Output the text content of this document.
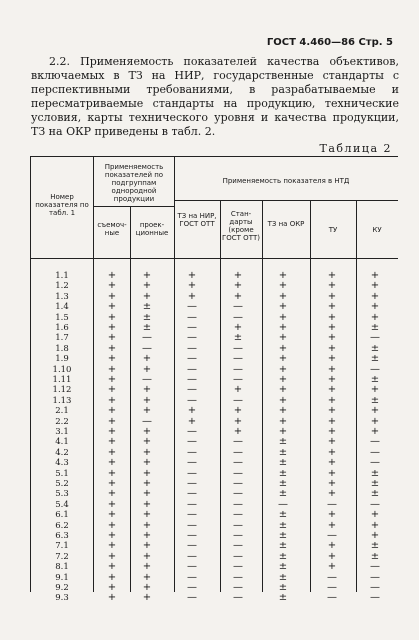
ГОСТ 4.460—86 Стр. 5

2.2. Применяемость показателей качества объективов, включаемых в ТЗ на НИР, государственные стандарты с перспективными требованиями, в разрабатываемые и пересматриваемые стандарты на продукцию, технические условия, карты технического уровня и качества продукции, ТЗ на ОКР приведены в табл. 2.

Таблица 2
Номер показателя по табл. 1
Применяемость показателей по подгруппам однородной продукции
Применяемость показателя в НТД
съемоч-ные
проек-ционные
ТЗ на НИР, ГОСТ ОТТ
Стан-дарты (кроме ГОСТ ОТТ)
ТЗ на ОКР
ТУ	КУ
1.1	+	+	+	+	+	+	+
1.2	+	+	+	+	+	+	+
1.3	+	+	+	+	+	+	+
1.4	+	±	—	—	+	+	+
1.5	+	±	—	—	+	+	+
1.6	+	±	—	+	+	+	±
1.7	+	—	—	±	+	+	—
1.8	+	—	—	—	+	+	±
1.9	+	+	—	—	+	+	±
1.10	+	+	—	—	+	+	—
1.11	+	—	—	—	+	+	±
1.12	+	+	—	+	+	+	+
1.13	+	+	—	—	+	+	±
2.1	+	+	+	+	+	+	+
2.2	+	—	+	+	+	+	+
3.1	+	+	—	+	+	+	+
4.1	+	+	—	—	±	+	—
4.2	+	+	—	—	±	+	—
4.3	+	+	—	—	±	+	—
5.1	+	+	—	—	±	+	±
5.2	+	+	—	—	±	+	±
5.3	+	+	—	—	±	+	±
5.4	+	+	—	—	—	—	—
6.1	+	+	—	—	±	+	+
6.2	+	+	—	—	±	+	+
6.3	+	+	—	—	±	—	+
7.1	+	+	—	—	±	+	±
7.2	+	+	—	—	±	+	±
8.1	+	+	—	—	±	+	—
9.1	+	+	—	—	±	—	—
9.2	+	+	—	—	±	—	—
9.3	+	+	—	—	±	—	—
